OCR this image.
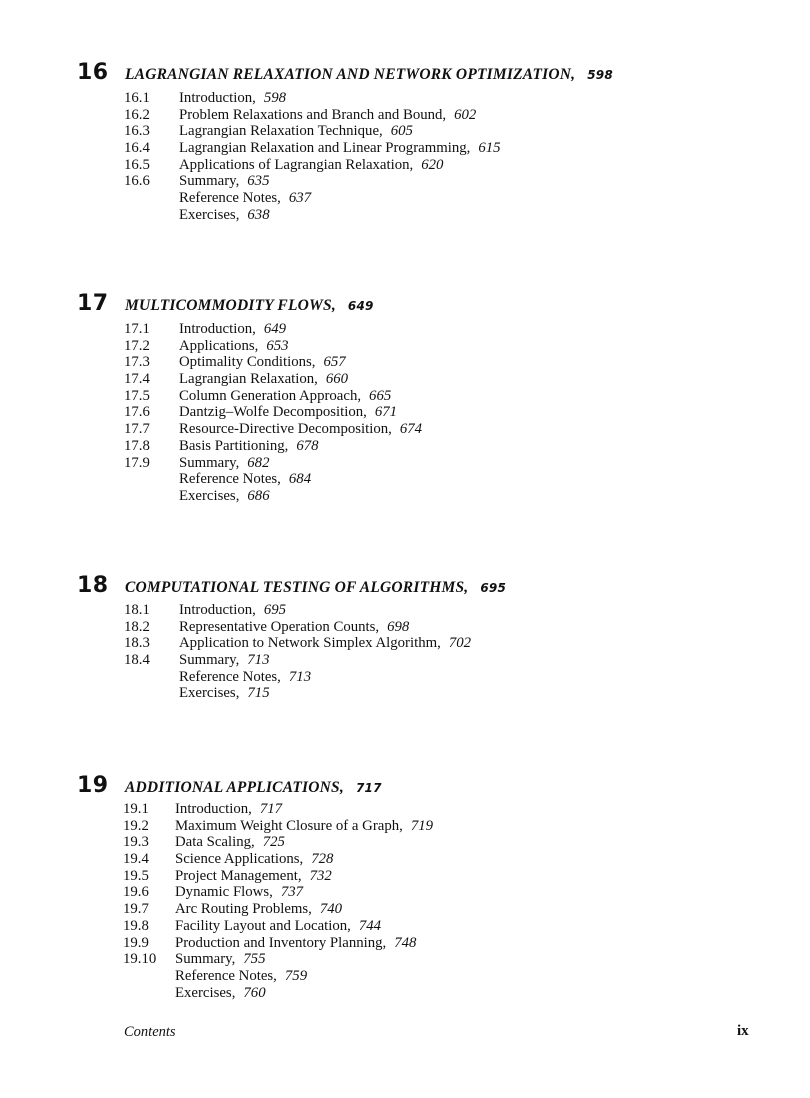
16 LAGRANGIAN RELAXATION AND NETWORK OPTIMIZATION, 598
16.1	Introduction, 598
16.2	Problem Relaxations and Branch and Bound, 602
16.3	Lagrangian Relaxation Technique, 605
16.4	Lagrangian Relaxation and Linear Programming, 615
16.5	Applications of Lagrangian Relaxation, 620
16.6	Summary, 635
Reference Notes, 637
Exercises, 638
17 MULTICOMMODITY FLOWS, 649
17.1	Introduction, 649
17.2	Applications, 653
17.3	Optimality Conditions, 657
17.4	Lagrangian Relaxation, 660
17.5	Column Generation Approach, 665
17.6	Dantzig–Wolfe Decomposition, 671
17.7	Resource-Directive Decomposition, 674
17.8	Basis Partitioning, 678
17.9	Summary, 682
Reference Notes, 684
Exercises, 686
18 COMPUTATIONAL TESTING OF ALGORITHMS, 695
18.1	Introduction, 695
18.2	Representative Operation Counts, 698
18.3	Application to Network Simplex Algorithm, 702
18.4	Summary, 713
Reference Notes, 713
Exercises, 715
19 ADDITIONAL APPLICATIONS, 717
19.1	Introduction, 717
19.2	Maximum Weight Closure of a Graph, 719
19.3	Data Scaling, 725
19.4	Science Applications, 728
19.5	Project Management, 732
19.6	Dynamic Flows, 737
19.7	Arc Routing Problems, 740
19.8	Facility Layout and Location, 744
19.9	Production and Inventory Planning, 748
19.10	Summary, 755
Reference Notes, 759
Exercises, 760
Contents	ix
